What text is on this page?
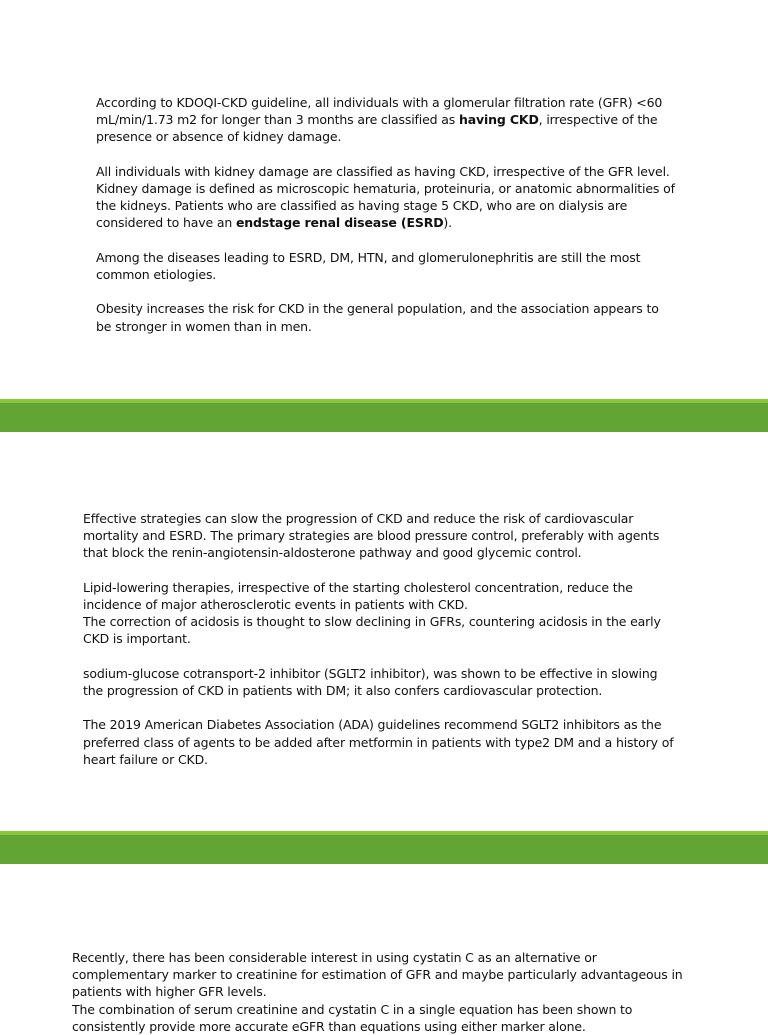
According to KDOQI-CKD guideline, all individuals with a glomerular filtration rate (GFR) <60 mL/min/1.73 m2 for longer than 3 months are classified as having CKD, irrespective of the presence or absence of kidney damage.

All individuals with kidney damage are classified as having CKD, irrespective of the GFR level. Kidney damage is defined as microscopic hematuria, proteinuria, or anatomic abnormalities of the kidneys. Patients who are classified as having stage 5 CKD, who are on dialysis are considered to have an endstage renal disease (ESRD).

Among the diseases leading to ESRD, DM, HTN, and glomerulonephritis are still the most common etiologies.

Obesity increases the risk for CKD in the general population, and the association appears to be stronger in women than in men.

Effective strategies can slow the progression of CKD and reduce the risk of cardiovascular mortality and ESRD. The primary strategies are blood pressure control, preferably with agents that block the renin-angiotensin-aldosterone pathway and good glycemic control.

Lipid-lowering therapies, irrespective of the starting cholesterol concentration, reduce the incidence of major atherosclerotic events in patients with CKD.

The correction of acidosis is thought to slow declining in GFRs, countering acidosis in the early CKD is important.

sodium-glucose cotransport-2 inhibitor (SGLT2 inhibitor), was shown to be effective in slowing the progression of CKD in patients with DM; it also confers cardiovascular protection.

The 2019 American Diabetes Association (ADA) guidelines recommend SGLT2 inhibitors as the preferred class of agents to be added after metformin in patients with type2 DM and a history of heart failure or CKD.

Recently, there has been considerable interest in using cystatin C as an alternative or complementary marker to creatinine for estimation of GFR and maybe particularly advantageous in patients with higher GFR levels.

The combination of serum creatinine and cystatin C in a single equation has been shown to consistently provide more accurate eGFR than equations using either marker alone.
